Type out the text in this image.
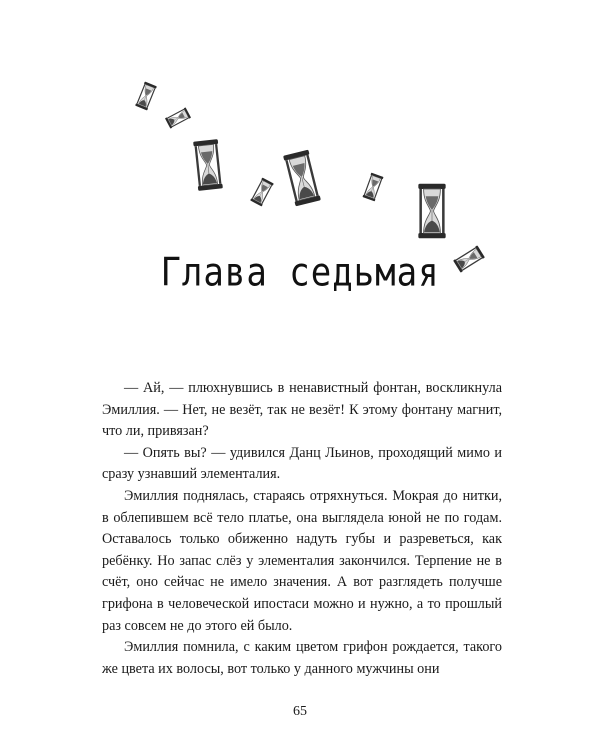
Глава седьмая

— Ай, — плюхнувшись в ненавистный фонтан, воскликнула Эмиллия. — Нет, не везёт, так не везёт! К этому фонтану магнит, что ли, привязан?

— Опять вы? — удивился Данц Льинов, проходящий мимо и сразу узнавший элементалия.

Эмиллия поднялась, стараясь отряхнуться. Мокрая до нитки, в облепившем всё тело платье, она выглядела юной не по годам. Оставалось только обиженно надуть губы и разреветься, как ребёнку. Но запас слёз у элементалия закончился. Терпение не в счёт, оно сейчас не имело значения. А вот разглядеть получше грифона в человеческой ипостаси можно и нужно, а то прошлый раз совсем не до этого ей было.

Эмиллия помнила, с каким цветом грифон рождается, такого же цвета их волосы, вот только у данного мужчины они

65
